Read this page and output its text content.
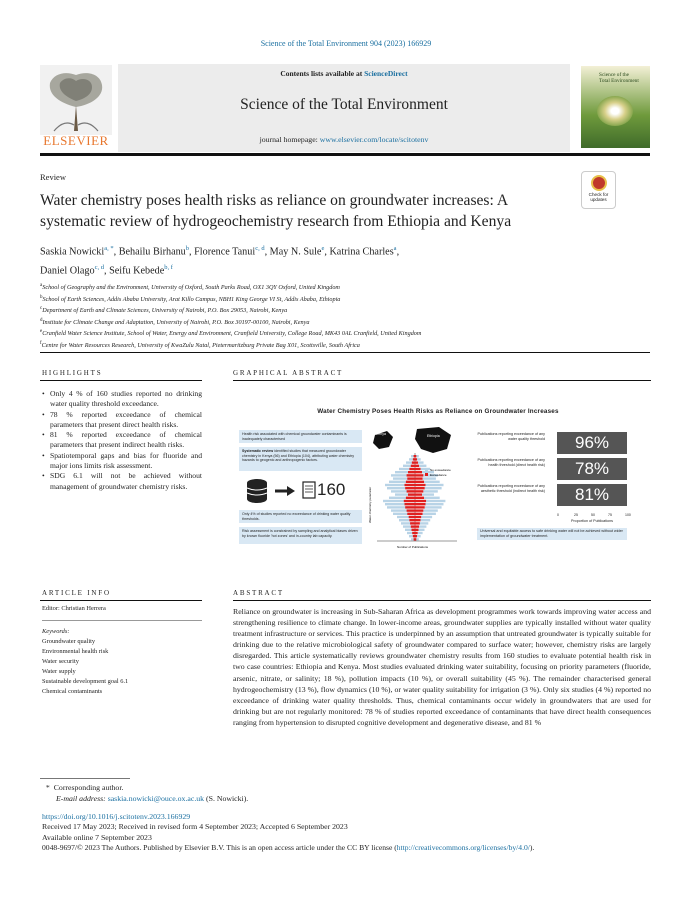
Science of the Total Environment 904 (2023) 166929
ELSEVIER
Contents lists available at ScienceDirect
Science of the Total Environment
journal homepage: www.elsevier.com/locate/scitotenv
Science of the
Total Environment
Review
Water chemistry poses health risks as reliance on groundwater increases: A systematic review of hydrogeochemistry research from Ethiopia and Kenya
Check for
updates
Saskia Nowicki$^{a, *}$, Behailu Birhanu$^b$, Florence Tanui$^{c, d}$, May N. Sule$^e$, Katrina Charles$^a$,
Daniel Olago$^{c, d}$, Seifu Kebede$^{b, f}$
$^a$School of Geography and the Environment, University of Oxford, South Parks Road, OX1 3QY Oxford, United Kingdom
$^b$School of Earth Sciences, Addis Ababa University, Arat Killo Campus, NBH1 King George VI St, Addis Ababa, Ethiopia
$^c$Department of Earth and Climate Sciences, University of Nairobi, P.O. Box 29053, Nairobi, Kenya
$^d$Institute for Climate Change and Adaptation, University of Nairobi, P.O. Box 30197-00100, Nairobi, Kenya
$^e$Cranfield Water Science Institute, School of Water, Energy and Environment, Cranfield University, College Road, MK43 0AL Cranfield, United Kingdom
$^f$Centre for Water Resources Research, University of KwaZulu Natal, Pietermaritzburg Private Bag X01, Scottsville, South Africa
HIGHLIGHTS
• Only 4 % of 160 studies reported no drinking water quality threshold exceedance.
• 78 % reported exceedance of chemical parameters that present direct health risks.
• 81 % reported exceedance of chemical parameters that present indirect health risks.
• Spatiotemporal gaps and bias for fluoride and major ions limits risk assessment.
• SDG 6.1 will not be achieved without management of groundwater chemistry risks.
GRAPHICAL ABSTRACT
Water Chemistry Poses Health Risks as Reliance on Groundwater Increases
Health risk associated with chemical groundwater contaminants is inadequately characterised
Systematic review identified studies that measured groundwater chemistry in Kenya (56) and Ethiopia (104), attributing water chemistry hazards to geogenic and anthropogenic factors.
160
Only 4% of studies reported no exceedance of drinking water quality thresholds.
Risk assessment is constrained by sampling and analytical biases driven by known fluoride 'hot zones' and in-country lab capacity.
Kenya	Ethiopia
No exceedance
Exceedance
Water chemistry parameter
Number of Publications
Publications reporting exceedance of any water quality threshold	96%
Publications reporting exceedance of any health threshold (direct health risk)	78%
Publications reporting exceedance of any aesthetic threshold (indirect health risk)	81%
0	25	50	75	100
Proportion of Publications
Universal and equitable access to safe drinking water will not be achieved without wider implementation of groundwater treatment.
ARTICLE INFO
Editor: Christian Herrera
Keywords:
Groundwater quality
Environmental health risk
Water security
Water supply
Sustainable development goal 6.1
Chemical contaminants
ABSTRACT
Reliance on groundwater is increasing in Sub-Saharan Africa as development programmes work towards improving water access and strengthening resilience to climate change. In lower-income areas, groundwater supplies are typically installed without water quality treatment infrastructure or services. This practice is underpinned by an assumption that untreated groundwater is typically suitable for drinking due to the relative microbiological safety of groundwater compared to surface water; however, chemistry risks are largely disregarded. This article systematically reviews groundwater chemistry results from 160 studies to evaluate potential health risk in two case countries: Ethiopia and Kenya. Most studies evaluated drinking water suitability, focusing on priority parameters (fluoride, arsenic, nitrate, or salinity; 18 %), pollution impacts (10 %), or overall suitability (45 %). The remainder characterised general hydrogeochemistry (13 %), flow dynamics (10 %), or water quality suitability for irrigation (3 %). Only six studies (4 %) reported no exceedance of drinking water quality thresholds. Thus, chemical contaminants occur widely in groundwaters that are used for drinking but are not regularly monitored: 78 % of studies reported exceedance of contaminants that have direct health consequences ranging from hypertension to disrupted cognitive development and degenerative disease, and 81 %
* Corresponding author.
E-mail address: saskia.nowicki@ouce.ox.ac.uk (S. Nowicki).
https://doi.org/10.1016/j.scitotenv.2023.166929
Received 17 May 2023; Received in revised form 4 September 2023; Accepted 6 September 2023
Available online 7 September 2023
0048-9697/© 2023 The Authors. Published by Elsevier B.V. This is an open access article under the CC BY license (http://creativecommons.org/licenses/by/4.0/).
